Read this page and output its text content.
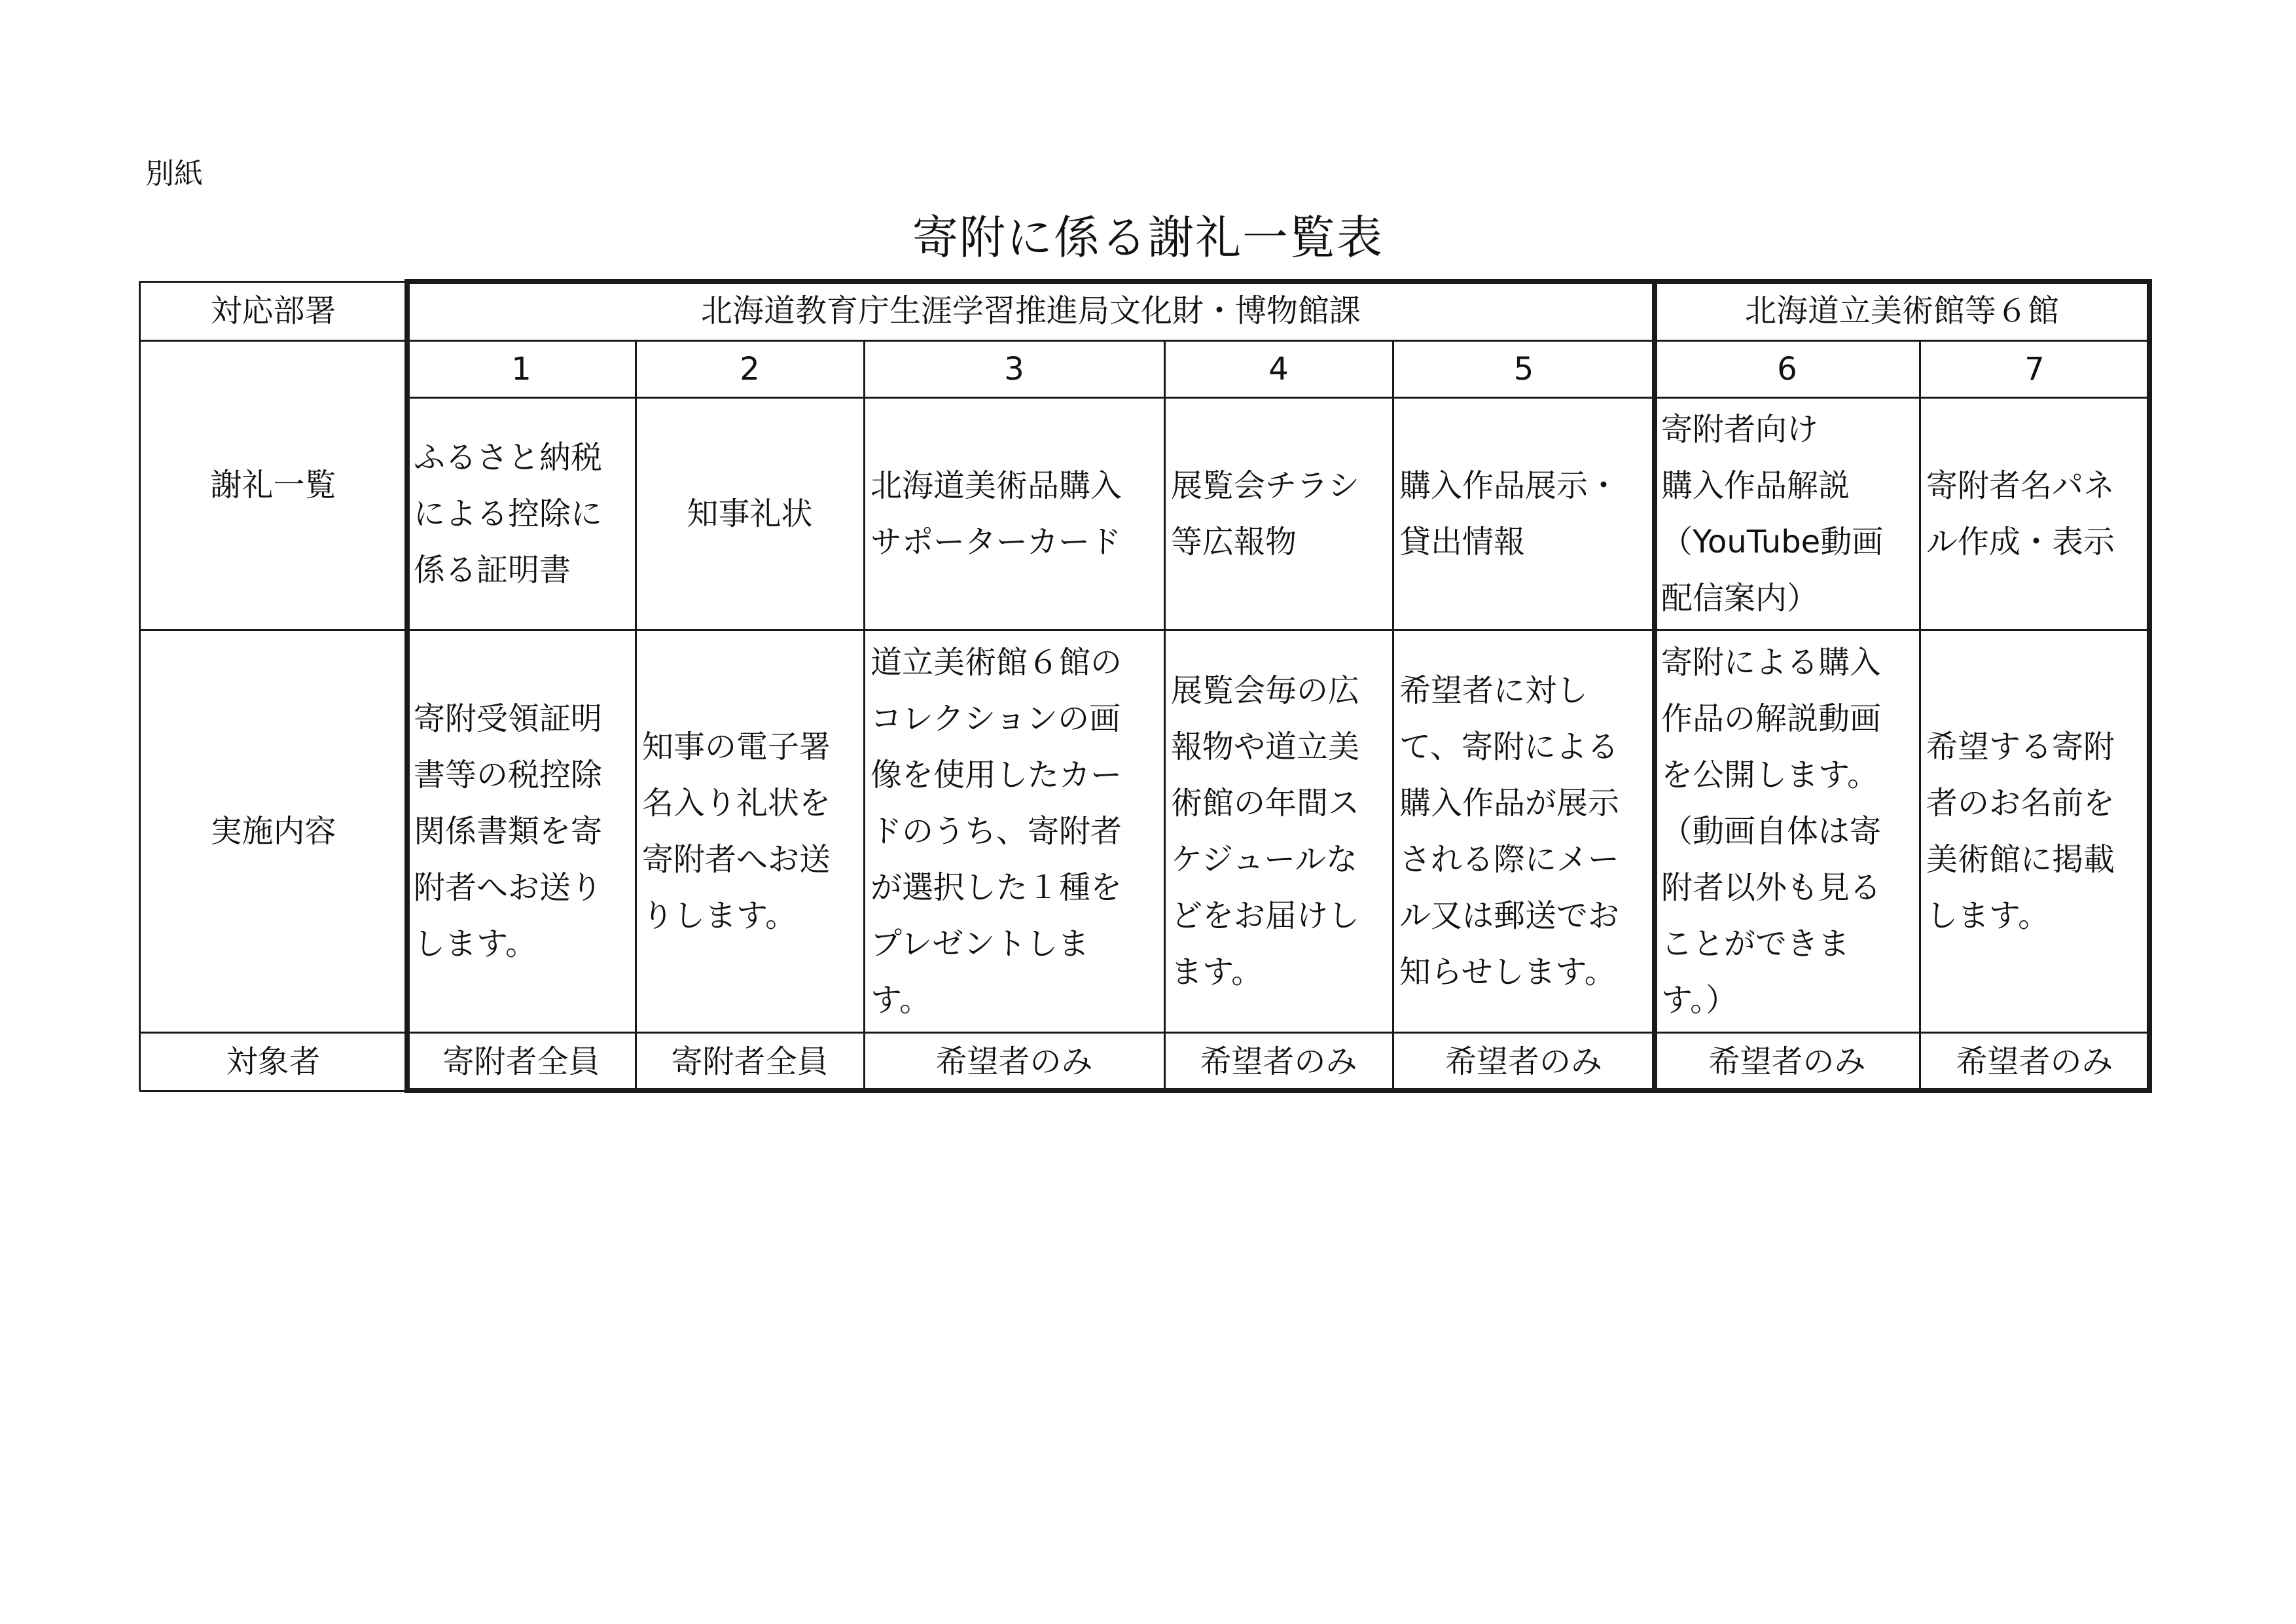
別紙
寄附に係る謝礼一覧表
対応部署
謝礼一覧
実施内容
対象者
北海道教育庁生涯学習推進局文化財・博物館課	北海道立美術館等６館
1
ふるさと納税
による控除に
係る証明書
寄附受領証明
書等の税控除
関係書類を寄
附者へお送り
します。
寄附者全員
2
知事礼状
知事の電子署
名入り礼状を
寄附者へお送
りします。
寄附者全員
3
北海道美術品購入
サポーターカード
道立美術館６館の
コレクションの画
像を使用したカー
ドのうち、寄附者
が選択した１種を
プレゼントしま
す。
希望者のみ
4
展覧会チラシ
等広報物
展覧会毎の広
報物や道立美
術館の年間ス
ケジュールな
どをお届けし
ます。
希望者のみ
5
購入作品展示・
貸出情報
希望者に対し
て、寄附による
購入作品が展示
される際にメー
ル又は郵送でお
知らせします。
希望者のみ
6
寄附者向け
購入作品解説
（YouTube動画
配信案内）
寄附による購入
作品の解説動画
を公開します。
（動画自体は寄
附者以外も見る
ことができま
す。）
希望者のみ
7
寄附者名パネ
ル作成・表示
希望する寄附
者のお名前を
美術館に掲載
します。
希望者のみ
